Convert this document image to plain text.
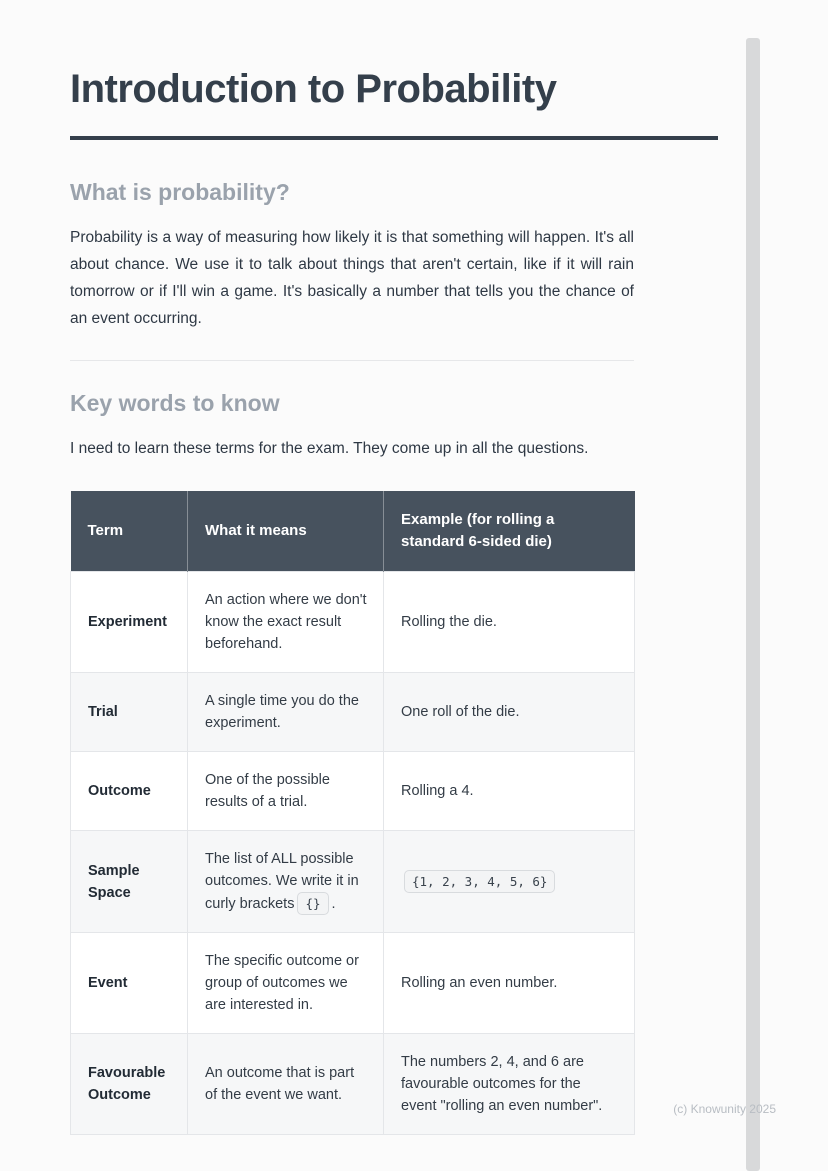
Introduction to Probability
What is probability?

Probability is a way of measuring how likely it is that something will happen. It's all about chance. We use it to talk about things that aren't certain, like if it will rain tomorrow or if I'll win a game. It's basically a number that tells you the chance of an event occurring.

Key words to know

I need to learn these terms for the exam. They come up in all the questions.

Term	What it means	Example (for rolling a standard 6-sided die)
Experiment	An action where we don't know the exact result beforehand.	Rolling the die.
Trial	A single time you do the experiment.	One roll of the die.
Outcome	One of the possible results of a trial.	Rolling a 4.
Sample Space	The list of ALL possible outcomes. We write it in curly brackets {} .	{1, 2, 3, 4, 5, 6}
Event	The specific outcome or group of outcomes we are interested in.	Rolling an even number.
Favourable Outcome	An outcome that is part of the event we want.	The numbers 2, 4, and 6 are favourable outcomes for the event "rolling an even number".	(c) Knowunity 2025
